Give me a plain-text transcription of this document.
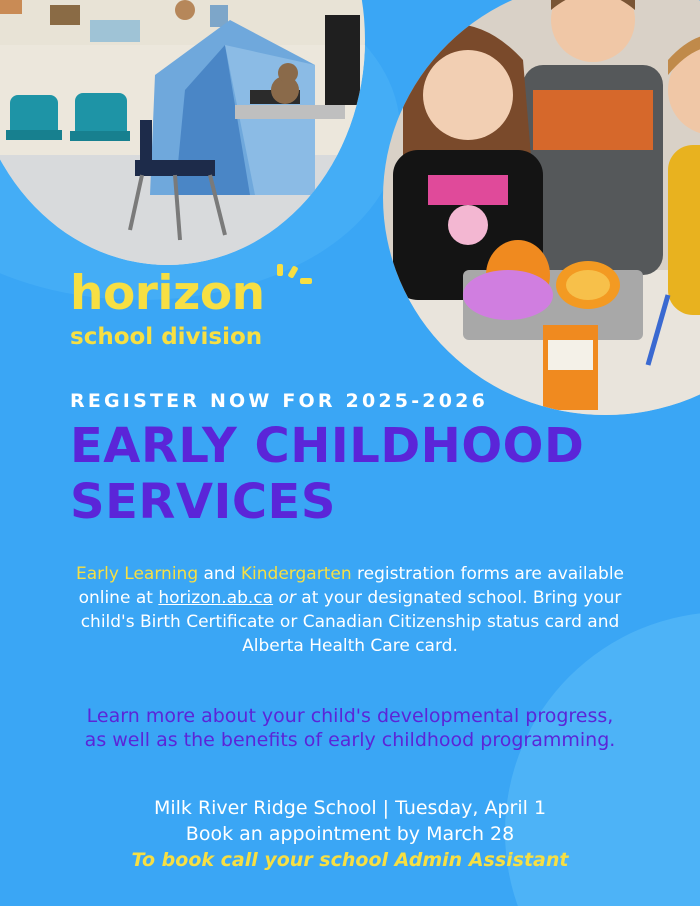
horizon
school division
REGISTER NOW FOR 2025-2026
EARLY CHILDHOOD
SERVICES
Early Learning and Kindergarten registration forms are available online at horizon.ab.ca or at your designated school. Bring your child's Birth Certificate or Canadian Citizenship status card and Alberta Health Care card.
Learn more about your child's developmental progress, as well as the benefits of early childhood programming.
Milk River Ridge School | Tuesday, April 1
Book an appointment by March 28
To book call your school Admin Assistant
